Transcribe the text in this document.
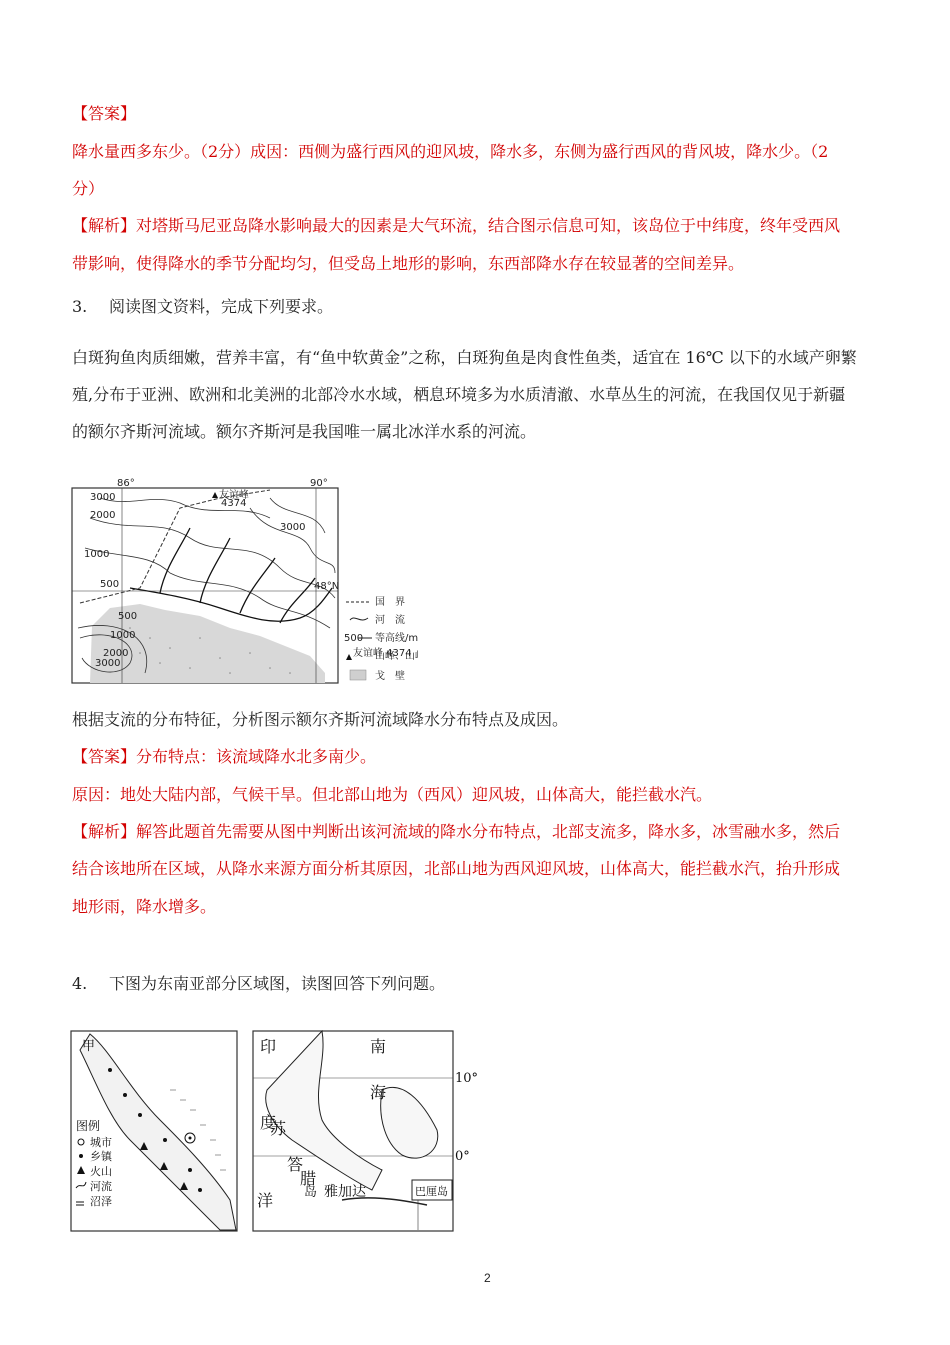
【答案】
降水量西多东少。（2分）成因：西侧为盛行西风的迎风坡，降水多，东侧为盛行西风的背风坡，降水少。（2
分）
【解析】对塔斯马尼亚岛降水影响最大的因素是大气环流，结合图示信息可知，该岛位于中纬度，终年受西风
带影响，使得降水的季节分配均匀，但受岛上地形的影响，东西部降水存在较显著的空间差异。
3. 阅读图文资料，完成下列要求。
白斑狗鱼肉质细嫩，营养丰富，有“鱼中软黄金”之称，白斑狗鱼是肉食性鱼类，适宜在 16℃ 以下的水域产卵繁
殖,分布于亚洲、欧洲和北美洲的北部冷水水域，栖息环境多为水质清澈、水草丛生的河流，在我国仅见于新疆
的额尔齐斯河流域。额尔齐斯河是我国唯一属北冰洋水系的河流。
友谊峰
4374
86°	90°
48°N
2000
1000
500
3000
500
1000
2000
3000
3000
国　界
河　流
500 等高线/m
友谊峰 4374
山峰、山
戈　壁
根据支流的分布特征，分析图示额尔齐斯河流域降水分布特点及成因。
【答案】分布特点：该流域降水北多南少。
原因：地处大陆内部，气候干旱。但北部山地为（西风）迎风坡，山体高大，能拦截水汽。
【解析】解答此题首先需要从图中判断出该河流域的降水分布特点，北部支流多，降水多，冰雪融水多，然后
结合该地所在区域，从降水来源方面分析其原因，北部山地为西风迎风坡，山体高大，能拦截水汽，抬升形成
地形雨，降水增多。
4. 下图为东南亚部分区域图，读图回答下列问题。
甲
图例
城市
乡镇
火山
河流
沼泽
印	南
度
海
苏
答
腊
岛
洋	雅加达
10°
0°
巴厘岛
2
